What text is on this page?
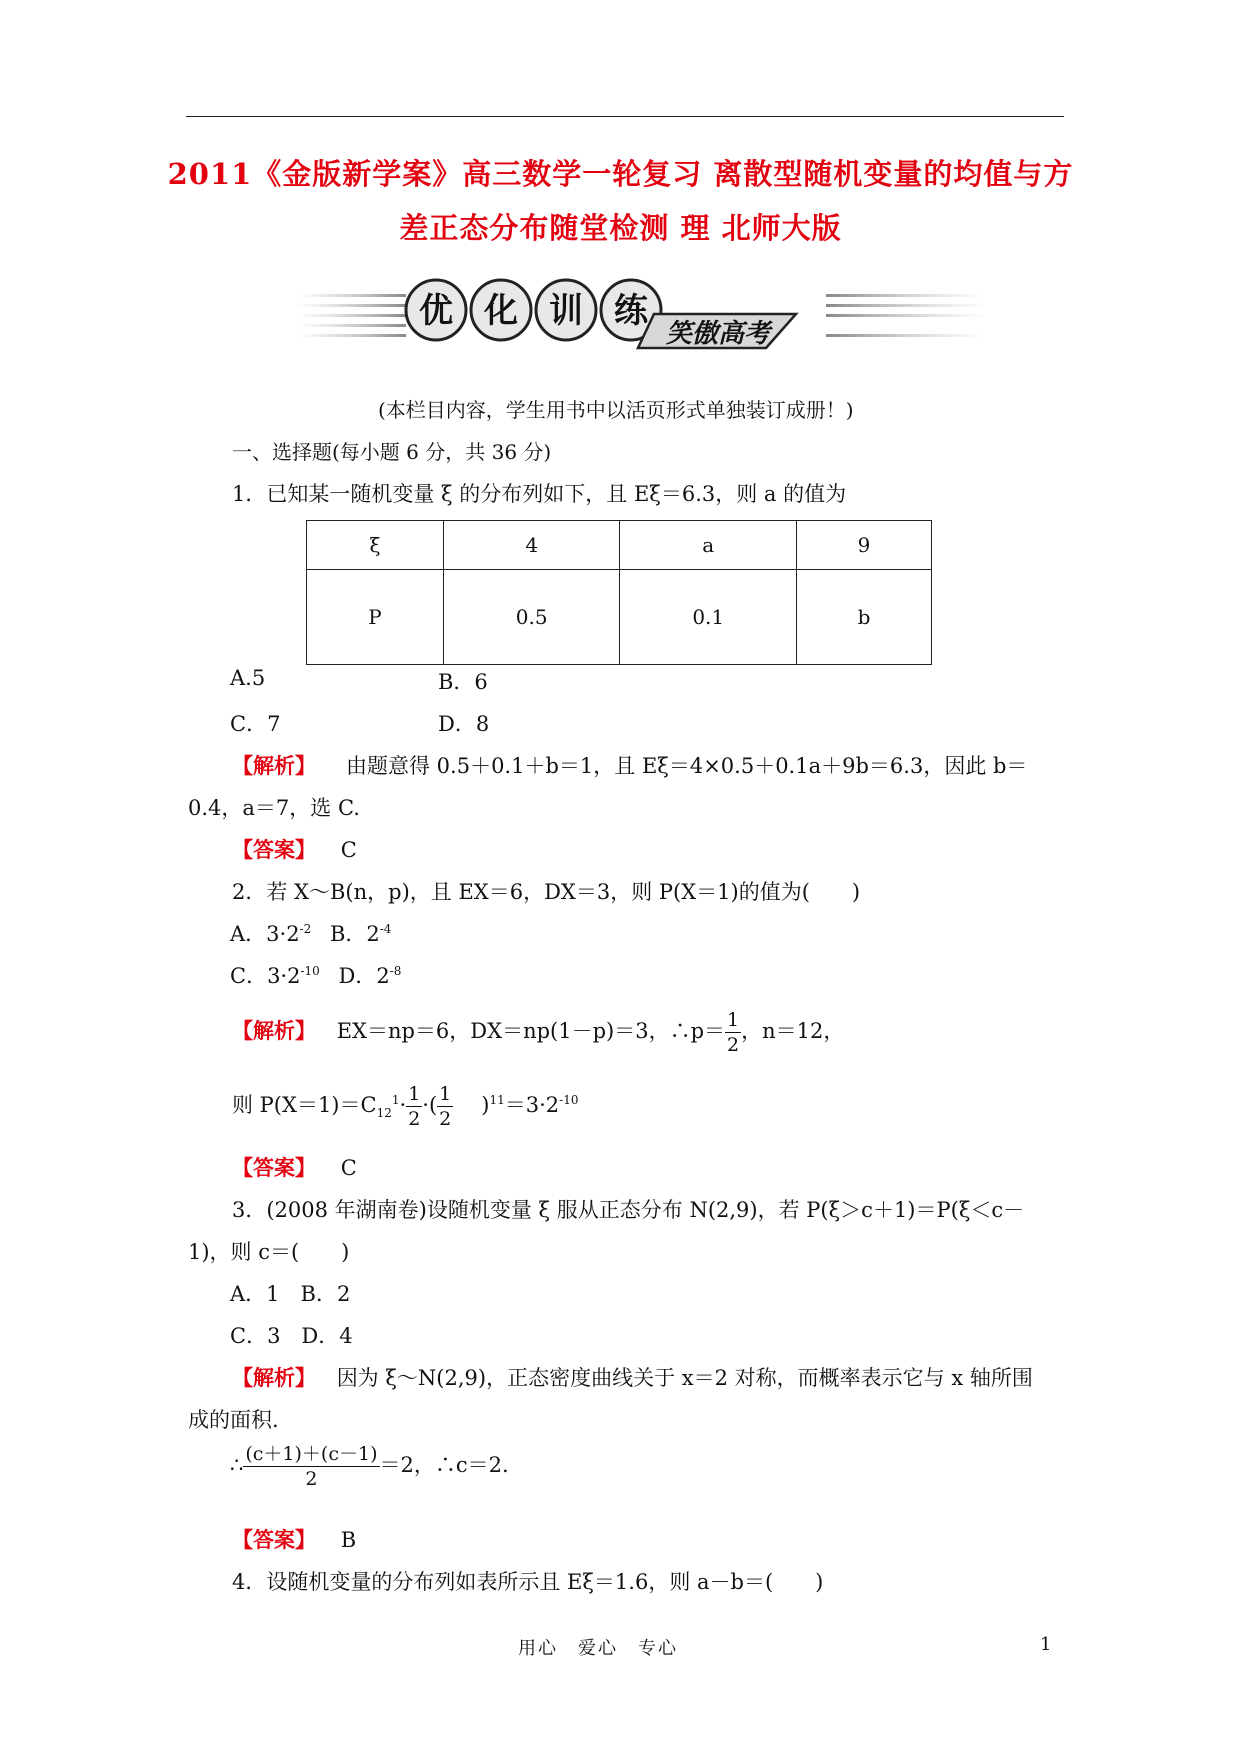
2011《金版新学案》高三数学一轮复习 离散型随机变量的均值与方
差正态分布随堂检测 理 北师大版
优 化 训 练
笑傲高考
(本栏目内容，学生用书中以活页形式单独装订成册！)
一、选择题(每小题 6 分，共 36 分)
1．已知某一随机变量 ξ 的分布列如下，且 Eξ＝6.3，则 a 的值为
ξ	4	a	9
P	0.5	0.1	b
A.5	B．6
C．7	D．8
【解析】 由题意得 0.5＋0.1＋b＝1，且 Eξ＝4×0.5＋0.1a＋9b＝6.3，因此 b＝
0.4，a＝7，选 C.
【答案】 C
2．若 X～B(n，p)，且 EX＝6，DX＝3，则 P(X＝1)的值为(　　)
A．$3\cdot 2^{-2}$ B．$2^{-4}$
C．$3\cdot 2^{-10}$ D．$2^{-8}$
【解析】 EX＝np＝6，DX＝np(1－p)＝3，∴p＝ $\frac{1}{2}$ ，n＝12，
则 $P(X=1)=C_{12}^1\cdot \frac{1}{2}$ ·( $\frac{1}{2} )^{11}=3\cdot 2^{-10}$
【答案】 C
3．(2008 年湖南卷)设随机变量 ξ 服从正态分布 N(2,9)，若 P(ξ＞c＋1)＝P(ξ＜c－
1)，则 c＝(　　)
A．1　B．2
C．3　D．4
【解析】 因为 ξ～N(2,9)，正态密度曲线关于 x＝2 对称，而概率表示它与 x 轴所围
成的面积.
∴ $\frac{(c+1)+(c-1)}{2} =2$，∴c＝2.
【答案】 B
4．设随机变量的分布列如表所示且 Eξ＝1.6，则 a－b＝(　　)
用心　爱心　专心	1
